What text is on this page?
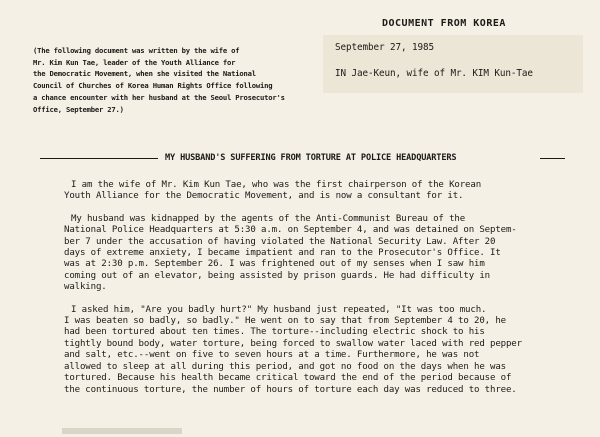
(The following document was written by the wife of
Mr. Kim Kun Tae, leader of the Youth Alliance for
the Democratic Movement, when she visited the National
Council of Churches of Korea Human Rights Office following
a chance encounter with her husband at the Seoul Prosecutor's
Office, September 27.)
DOCUMENT FROM KOREA
September 27, 1985
IN Jae-Keun, wife of Mr. KIM Kun-Tae
MY HUSBAND'S SUFFERING FROM TORTURE AT POLICE HEADQUARTERS
I am the wife of Mr. Kim Kun Tae, who was the first chairperson of the Korean
Youth Alliance for the Democratic Movement, and is now a consultant for it.
My husband was kidnapped by the agents of the Anti-Communist Bureau of the
National Police Headquarters at 5:30 a.m. on September 4, and was detained on Septem-
ber 7 under the accusation of having violated the National Security Law. After 20
days of extreme anxiety, I became impatient and ran to the Prosecutor's Office. It
was at 2:30 p.m. September 26. I was frightened out of my senses when I saw him
coming out of an elevator, being assisted by prison guards. He had difficulty in
walking.
I asked him, "Are you badly hurt?" My husband just repeated, "It was too much.
I was beaten so badly, so badly." He went on to say that from September 4 to 20, he
had been tortured about ten times. The torture--including electric shock to his
tightly bound body, water torture, being forced to swallow water laced with red pepper
and salt, etc.--went on five to seven hours at a time. Furthermore, he was not
allowed to sleep at all during this period, and got no food on the days when he was
tortured. Because his health became critical toward the end of the period because of
the continuous torture, the number of hours of torture each day was reduced to three.
